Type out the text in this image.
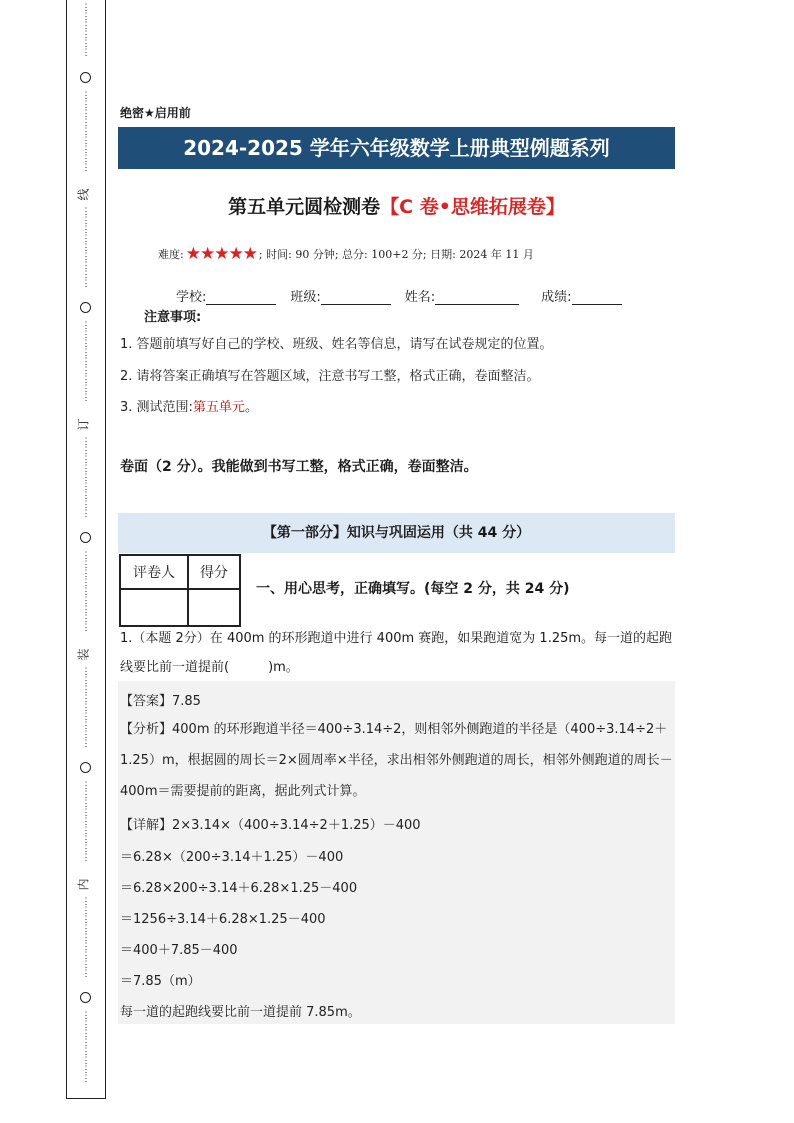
⋮
⋮
⋮
⋮
⋮
⋮
⋮
⋮
⋮
⋮
⋮
⋮
⋮
⋮
⋮
线
⋮
⋮
⋮
⋮
⋮
⋮
⋮
⋮
⋮
⋮
⋮
⋮
⋮
⋮
⋮
⋮
⋮
⋮
订
⋮
⋮
⋮
⋮
⋮
⋮
⋮
⋮
⋮
⋮
⋮
⋮
⋮
⋮
⋮
⋮
⋮
⋮
装
⋮
⋮
⋮
⋮
⋮
⋮
⋮
⋮
⋮
⋮
⋮
⋮
⋮
⋮
⋮
⋮
⋮
⋮
内
⋮
⋮
⋮
⋮
⋮
⋮
⋮
⋮
⋮
⋮
⋮
⋮
⋮
⋮
⋮
⋮
⋮
绝密★启用前
2024-2025 学年六年级数学上册典型例题系列
第五单元圆检测卷【C 卷•思维拓展卷】
难度: ★★★★★ ; 时间: 90 分钟; 总分: 100+2 分; 日期: 2024 年 11 月
学校:	班级:	姓名:	成绩:
注意事项:
1. 答题前填写好自己的学校、班级、姓名等信息，请写在试卷规定的位置。
2. 请将答案正确填写在答题区域，注意书写工整，格式正确，卷面整洁。
3. 测试范围:第五单元。
卷面（2 分）。我能做到书写工整，格式正确，卷面整洁。
【第一部分】知识与巩固运用（共 44 分）
评卷人	得分

一、用心思考，正确填写。(每空 2 分，共 24 分)
1.（本题 2分）在 400m 的环形跑道中进行 400m 赛跑，如果跑道宽为 1.25m。每一道的起跑线要比前一道提前(　　　)m。
【答案】7.85
【分析】400m 的环形跑道半径＝400÷3.14÷2，则相邻外侧跑道的半径是（400÷3.14÷2＋1.25）m，根据圆的周长＝2×圆周率×半径，求出相邻外侧跑道的周长，相邻外侧跑道的周长－400m＝需要提前的距离，据此列式计算。
【详解】2×3.14×（400÷3.14÷2＋1.25）－400
＝6.28×（200÷3.14＋1.25）－400
＝6.28×200÷3.14＋6.28×1.25－400
＝1256÷3.14＋6.28×1.25－400
＝400＋7.85－400
＝7.85（m）
每一道的起跑线要比前一道提前 7.85m。
